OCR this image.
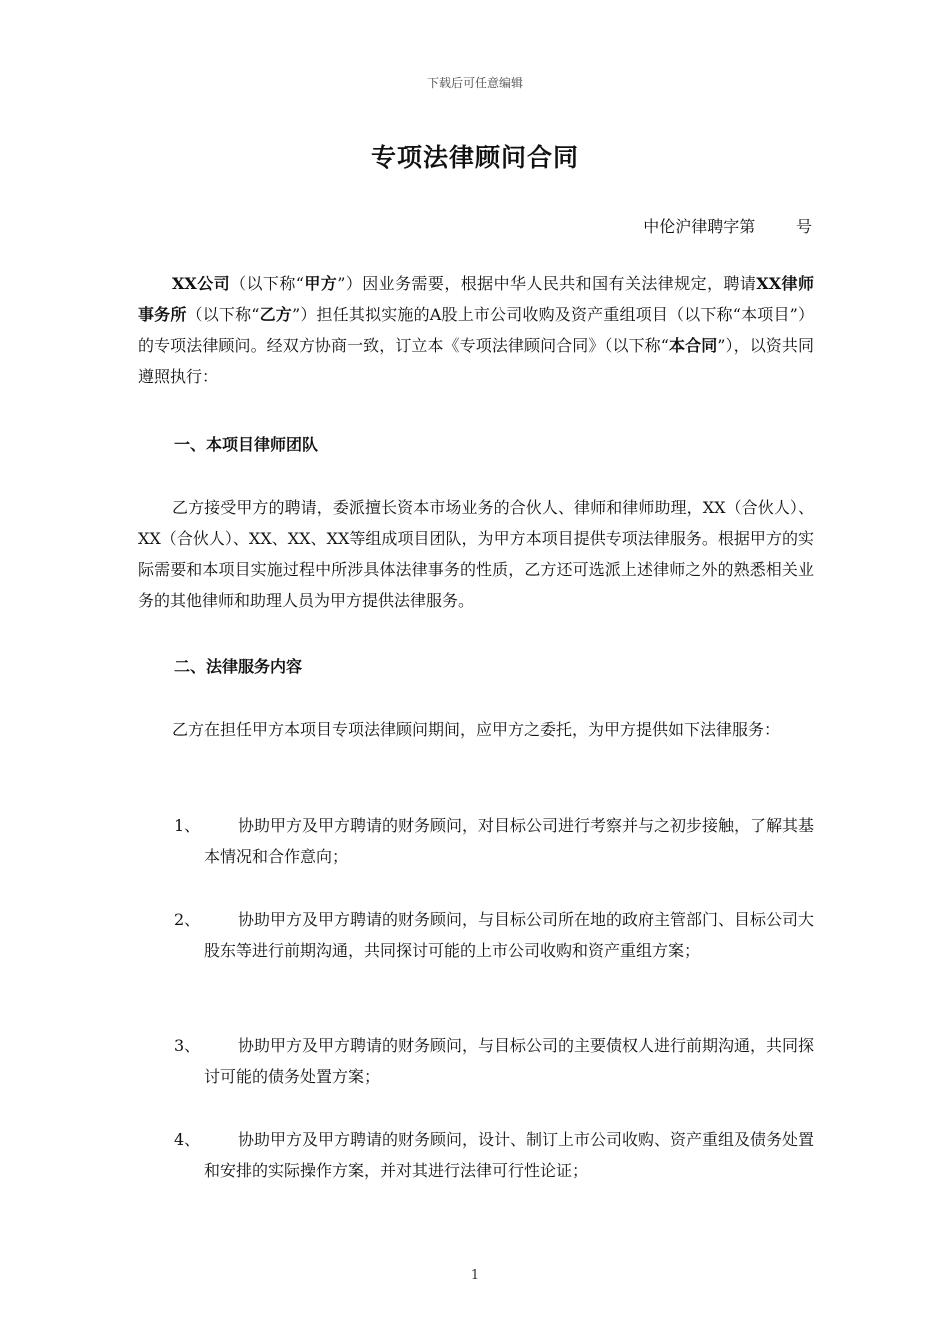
下载后可任意编辑
专项法律顾问合同
中伦沪律聘字第        号

XX公司（以下称“甲方”）因业务需要，根据中华人民共和国有关法律规定，聘请XX律师事务所（以下称“乙方”）担任其拟实施的A股上市公司收购及资产重组项目（以下称“本项目”）的专项法律顾问。经双方协商一致，订立本《专项法律顾问合同》（以下称“本合同”），以资共同遵照执行：

一、本项目律师团队

乙方接受甲方的聘请，委派擅长资本市场业务的合伙人、律师和律师助理，XX（合伙人）、XX（合伙人）、XX、XX、XX等组成项目团队，为甲方本项目提供专项法律服务。根据甲方的实际需要和本项目实施过程中所涉具体法律事务的性质，乙方还可选派上述律师之外的熟悉相关业务的其他律师和助理人员为甲方提供法律服务。

二、法律服务内容

乙方在担任甲方本项目专项法律顾问期间，应甲方之委托，为甲方提供如下法律服务：

1、	协助甲方及甲方聘请的财务顾问，对目标公司进行考察并与之初步接触，了解其基本情况和合作意向；
2、	协助甲方及甲方聘请的财务顾问，与目标公司所在地的政府主管部门、目标公司大股东等进行前期沟通，共同探讨可能的上市公司收购和资产重组方案；
3、	协助甲方及甲方聘请的财务顾问，与目标公司的主要债权人进行前期沟通，共同探讨可能的债务处置方案；
4、	协助甲方及甲方聘请的财务顾问，设计、制订上市公司收购、资产重组及债务处置和安排的实际操作方案，并对其进行法律可行性论证；
1
